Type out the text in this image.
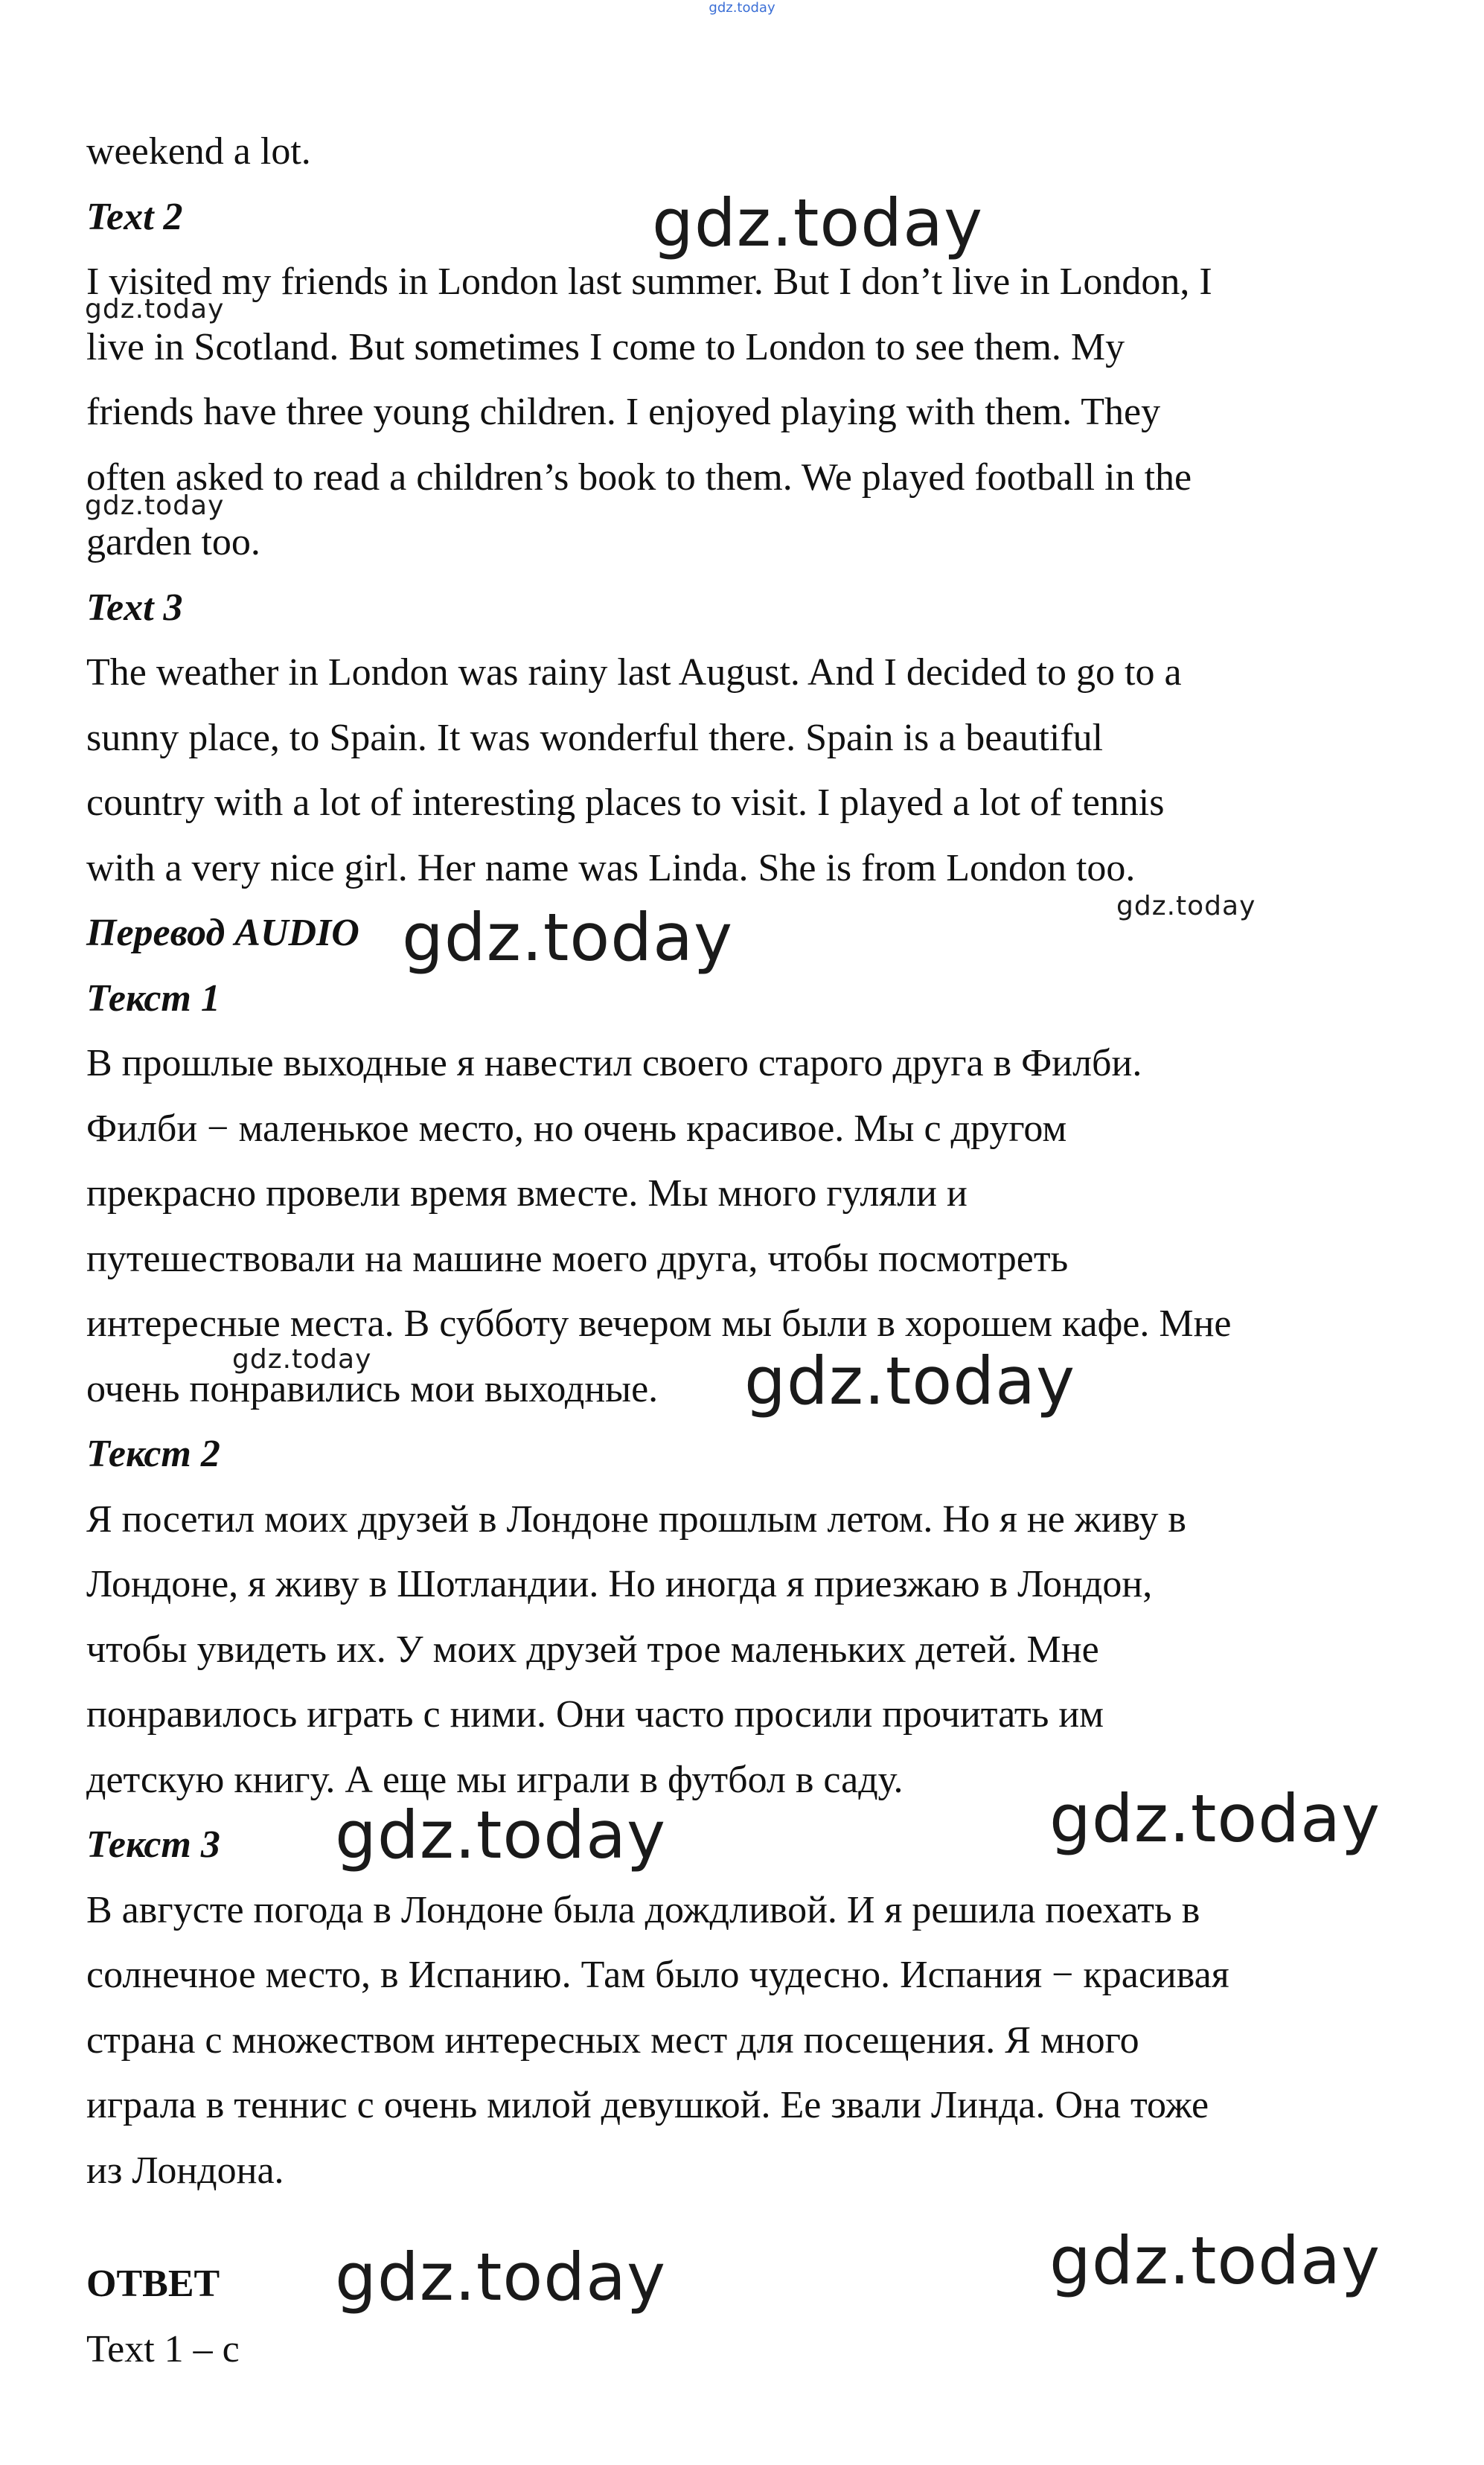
gdz.today
weekend a lot.
Text 2
I visited my friends in London last summer. But I don’t live in London, I
live in Scotland. But sometimes I come to London to see them. My
friends have three young children. I enjoyed playing with them. They
often asked to read a children’s book to them. We played football in the
garden too.
Text 3
The weather in London was rainy last August. And I decided to go to a
sunny place, to Spain. It was wonderful there. Spain is a beautiful
country with a lot of interesting places to visit. I played a lot of tennis
with a very nice girl. Her name was Linda. She is from London too.
Перевод AUDIO
Текст 1
В прошлые выходные я навестил своего старого друга в Филби.
Филби − маленькое место, но очень красивое. Мы с другом
прекрасно провели время вместе. Мы много гуляли и
путешествовали на машине моего друга, чтобы посмотреть
интересные места. В субботу вечером мы были в хорошем кафе. Мне
очень понравились мои выходные.
Текст 2
Я посетил моих друзей в Лондоне прошлым летом. Но я не живу в
Лондоне, я живу в Шотландии. Но иногда я приезжаю в Лондон,
чтобы увидеть их. У моих друзей трое маленьких детей. Мне
понравилось играть с ними. Они часто просили прочитать им
детскую книгу. А еще мы играли в футбол в саду.
Текст 3
В августе погода в Лондоне была дождливой. И я решила поехать в
солнечное место, в Испанию. Там было чудесно. Испания − красивая
страна с множеством интересных мест для посещения. Я много
играла в теннис с очень милой девушкой. Ее звали Линда. Она тоже
из Лондона.
ОТВЕТ
Text 1 – c
gdz.today
gdz.today
gdz.today
gdz.today
gdz.today
gdz.today	gdz.today
gdz.today	gdz.today
gdz.today	gdz.today
